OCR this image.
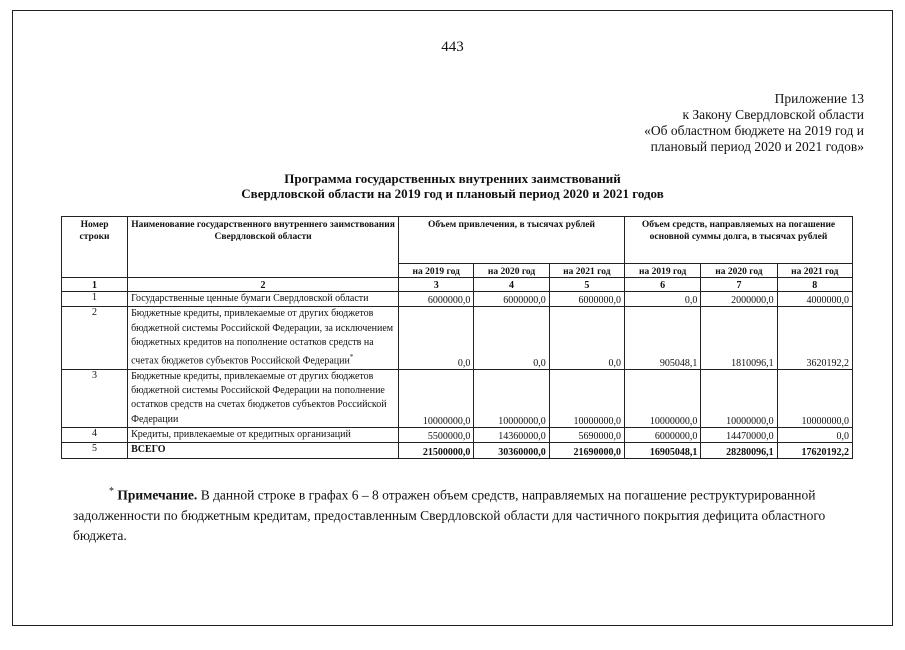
443
Приложение 13
к Закону Свердловской области
«Об областном бюджете на 2019 год и
плановый период 2020 и 2021 годов»
Программа государственных внутренних заимствований
Свердловской области на 2019 год и плановый период 2020 и 2021 годов
Номер строки	Наименование государственного внутреннего заимствования Свердловской области	Объем привлечения, в тысячах рублей			Объем средств, направляемых на погашение основной суммы долга, в тысячах рублей		
		на 2019 год	на 2020 год	на 2021 год	на 2019 год	на 2020 год	на 2021 год
1	2	3	4	5	6	7	8
1	Государственные ценные бумаги Свердловской области	6000000,0	6000000,0	6000000,0	0,0	2000000,0	4000000,0
2	Бюджетные кредиты, привлекаемые от других бюджетов бюджетной системы Российской Федерации, за исключением бюджетных кредитов на пополнение остатков средств на счетах бюджетов субъектов Российской Федерации*	0,0	0,0	0,0	905048,1	1810096,1	3620192,2
3	Бюджетные кредиты, привлекаемые от других бюджетов бюджетной системы Российской Федерации на пополнение остатков средств на счетах бюджетов субъектов Российской Федерации	10000000,0	10000000,0	10000000,0	10000000,0	10000000,0	10000000,0
4	Кредиты, привлекаемые от кредитных организаций	5500000,0	14360000,0	5690000,0	6000000,0	14470000,0	0,0
5	ВСЕГО	21500000,0	30360000,0	21690000,0	16905048,1	28280096,1	17620192,2
* Примечание. В данной строке в графах 6 – 8 отражен объем средств, направляемых на погашение реструктурированной задолженности по бюджетным кредитам, предоставленным Свердловской области для частичного покрытия дефицита областного бюджета.
